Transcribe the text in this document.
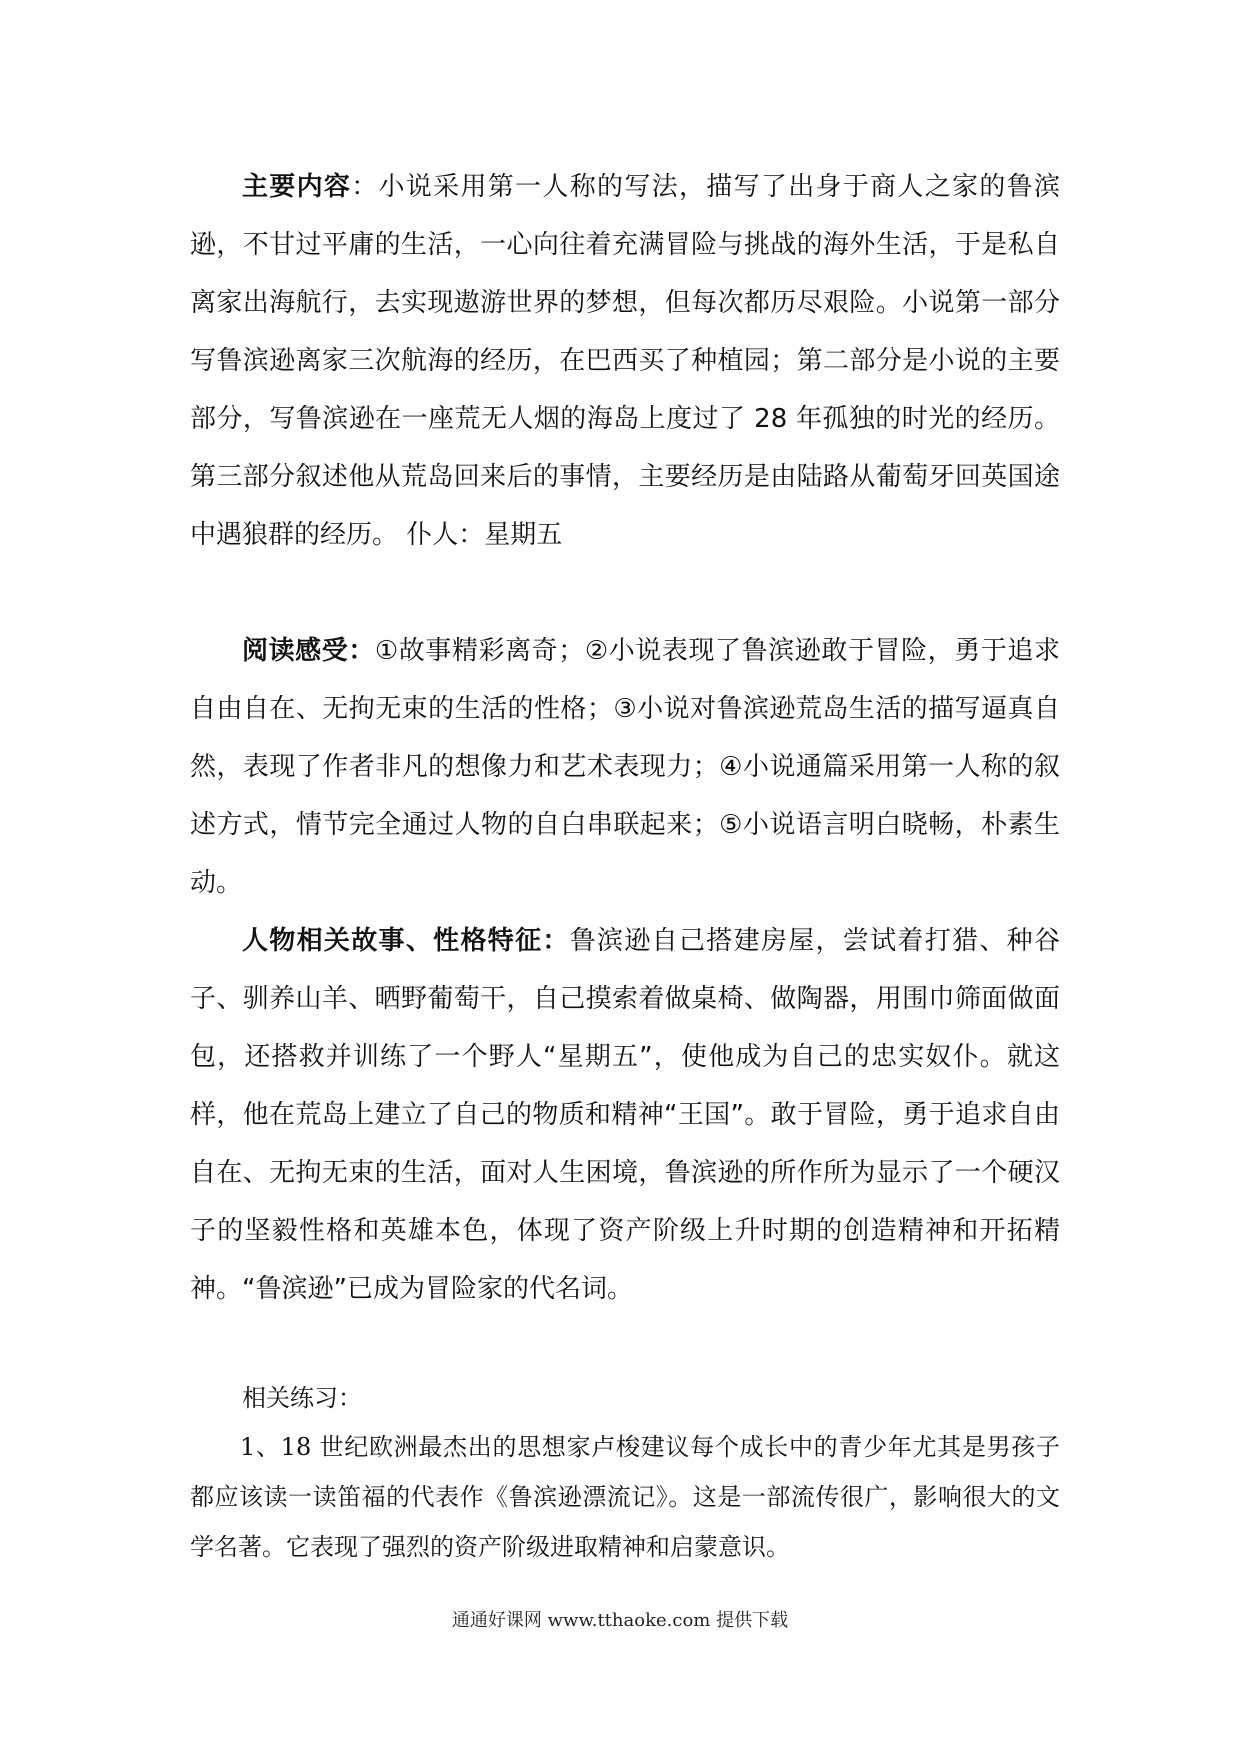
主要内容：小说采用第一人称的写法，描写了出身于商人之家的鲁滨逊，不甘过平庸的生活，一心向往着充满冒险与挑战的海外生活，于是私自离家出海航行，去实现遨游世界的梦想，但每次都历尽艰险。小说第一部分写鲁滨逊离家三次航海的经历，在巴西买了种植园；第二部分是小说的主要部分，写鲁滨逊在一座荒无人烟的海岛上度过了 28 年孤独的时光的经历。第三部分叙述他从荒岛回来后的事情，主要经历是由陆路从葡萄牙回英国途中遇狼群的经历。 仆人：星期五

阅读感受：①故事精彩离奇；②小说表现了鲁滨逊敢于冒险，勇于追求自由自在、无拘无束的生活的性格；③小说对鲁滨逊荒岛生活的描写逼真自然，表现了作者非凡的想像力和艺术表现力；④小说通篇采用第一人称的叙述方式，情节完全通过人物的自白串联起来；⑤小说语言明白晓畅，朴素生动。

人物相关故事、性格特征：鲁滨逊自己搭建房屋，尝试着打猎、种谷子、驯养山羊、晒野葡萄干，自己摸索着做桌椅、做陶器，用围巾筛面做面包，还搭救并训练了一个野人“星期五”，使他成为自己的忠实奴仆。就这样，他在荒岛上建立了自己的物质和精神“王国”。敢于冒险，勇于追求自由自在、无拘无束的生活，面对人生困境，鲁滨逊的所作所为显示了一个硬汉子的坚毅性格和英雄本色，体现了资产阶级上升时期的创造精神和开拓精神。“鲁滨逊”已成为冒险家的代名词。

相关练习：

1、18 世纪欧洲最杰出的思想家卢梭建议每个成长中的青少年尤其是男孩子都应该读一读笛福的代表作《鲁滨逊漂流记》。这是一部流传很广，影响很大的文学名著。它表现了强烈的资产阶级进取精神和启蒙意识。

通通好课网 www.tthaoke.com 提供下载
